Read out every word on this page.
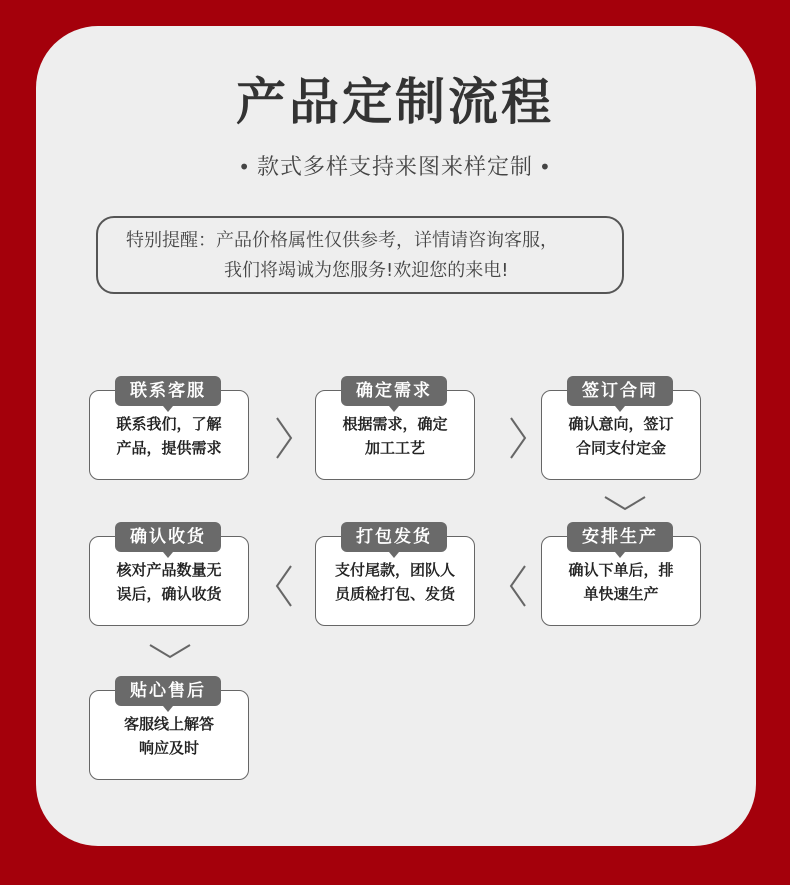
产品定制流程
• 款式多样支持来图来样定制 •
特别提醒：产品价格属性仅供参考，详情请咨询客服，
我们将竭诚为您服务!欢迎您的来电!
联系我们，了解
产品，提供需求
联系客服
根据需求，确定
加工工艺
确定需求
确认意向，签订
合同支付定金
签订合同
核对产品数量无
误后，确认收货
确认收货
支付尾款，团队人
员质检打包、发货
打包发货
确认下单后，排
单快速生产
安排生产
客服线上解答
响应及时
贴心售后
